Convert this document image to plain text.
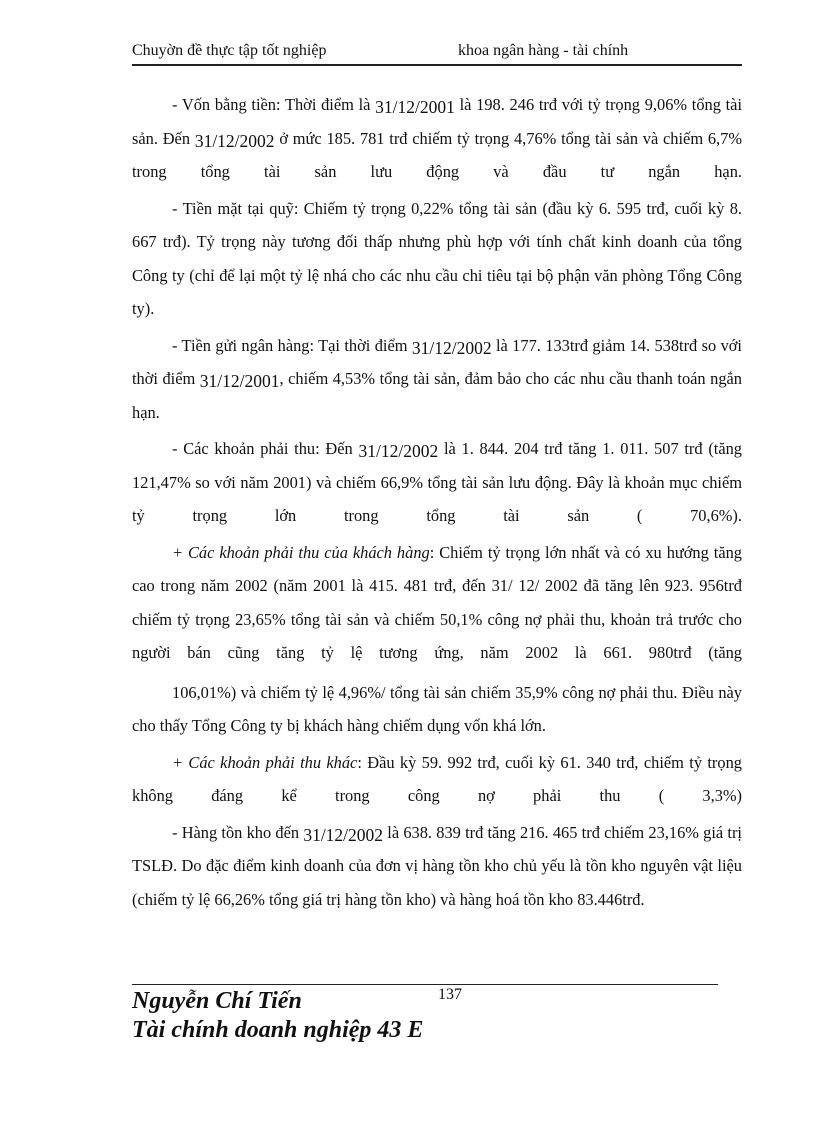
Chuyờn đề thực tập tốt nghiệp	khoa ngân hàng - tài chính

- Vốn bằng tiền: Thời điểm là 31/12/2001 là 198. 246 trđ với tỷ trọng 9,06% tổng tài sản. Đến 31/12/2002 ở mức 185. 781 trđ chiếm tỷ trọng 4,76% tổng tài sản và chiếm 6,7% trong tổng tài sản lưu động và đầu tư ngắn hạn.

- Tiền mặt tại quỹ: Chiếm tỷ trọng 0,22% tổng tài sản (đầu kỳ 6. 595 trđ, cuối kỳ 8. 667 trđ). Tỷ trọng này tương đối thấp nhưng phù hợp với tính chất kinh doanh của tổng Công ty (chỉ để lại một tỷ lệ nhá cho các nhu cầu chi tiêu tại bộ phận văn phòng Tổng Công ty).

- Tiền gửi ngân hàng: Tại thời điểm 31/12/2002 là 177. 133trđ giảm 14. 538trđ so với thời điểm 31/12/2001, chiếm 4,53% tổng tài sản, đảm bảo cho các nhu cầu thanh toán ngắn hạn.

- Các khoản phải thu: Đến 31/12/2002 là 1. 844. 204 trđ tăng 1. 011. 507 trđ (tăng 121,47% so với năm 2001) và chiếm 66,9% tổng tài sản lưu động. Đây là khoản mục chiếm tỷ trọng lớn trong tổng tài sản ( 70,6%).

+ Các khoản phải thu của khách hàng: Chiếm tỷ trọng lớn nhất và có xu hướng tăng cao trong năm 2002 (năm 2001 là 415. 481 trđ, đến 31/ 12/ 2002 đã tăng lên 923. 956trđ chiếm tỷ trọng 23,65% tổng tài sản và chiếm 50,1% công nợ phải thu, khoản trả trước cho người bán cũng tăng tỷ lệ tương ứng, năm 2002 là 661. 980trđ (tăng

106,01%) và chiếm tỷ lệ 4,96%/ tổng tài sản chiếm 35,9% công nợ phải thu. Điều này cho thấy Tổng Công ty bị khách hàng chiếm dụng vốn khá lớn.

+ Các khoản phải thu khác: Đầu kỳ 59. 992 trđ, cuối kỳ 61. 340 trđ, chiếm tỷ trọng không đáng kể trong công nợ phải thu ( 3,3%)

- Hàng tồn kho đến 31/12/2002 là 638. 839 trđ tăng 216. 465 trđ chiếm 23,16% giá trị TSLĐ. Do đặc điểm kinh doanh của đơn vị hàng tồn kho chủ yếu là tồn kho nguyên vật liệu (chiếm tỷ lệ 66,26% tổng giá trị hàng tồn kho) và hàng hoá tồn kho 83.446trđ.

137
Nguyễn Chí Tiến
Tài chính doanh nghiệp 43 E
